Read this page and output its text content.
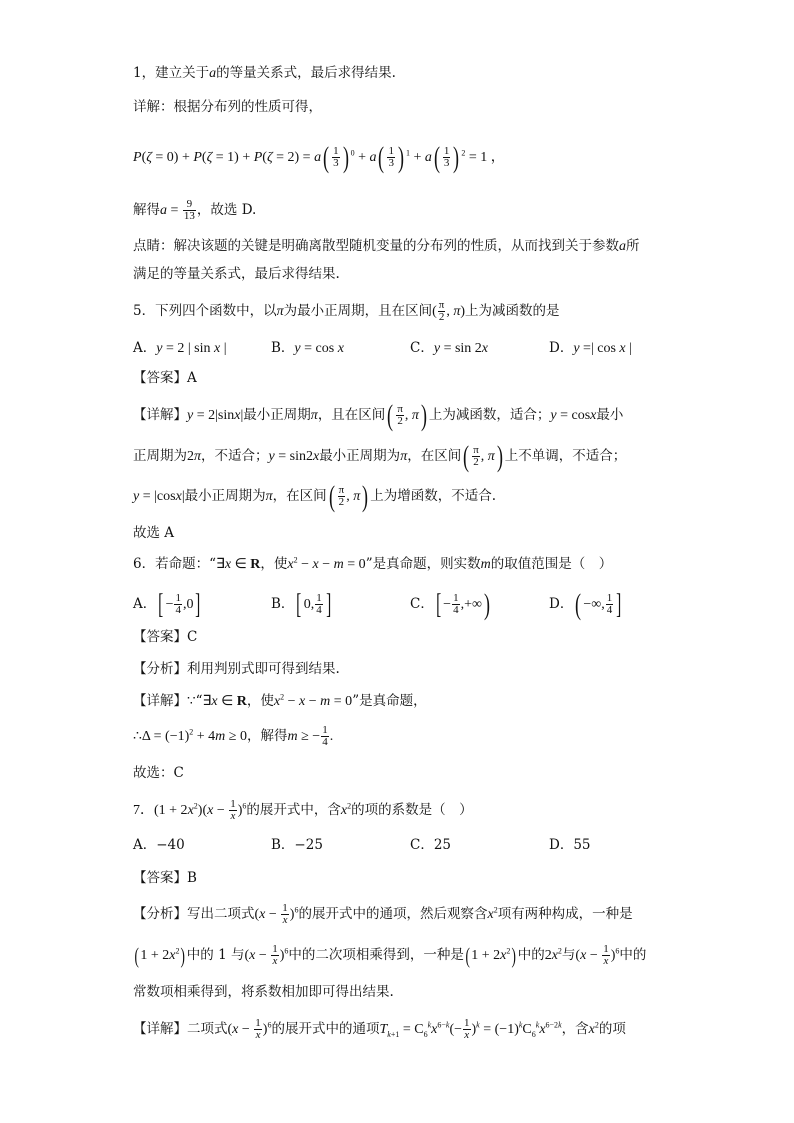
1，建立关于a的等量关系式，最后求得结果.
详解：根据分布列的性质可得，
$P(\zeta = 0) + P(\zeta = 1) + P(\zeta = 2) = a( \frac{1}{3}$ ) $^0 + a( \frac{1}{3}$ ) $^1 + a( \frac{1}{3}$ ) $^2$ = 1 ，
解得$a = \frac{9}{13}$ ，故选 D.
点睛：解决该题的关键是明确离散型随机变量的分布列的性质，从而找到关于参数a所
满足的等量关系式，最后求得结果.
5．下列四个函数中，以π为最小正周期，且在区间( $\frac{\pi}{2}$ , π)上为减函数的是
A．y = 2 | sin x |	B．y = cos x	C．y = sin 2x	D．y =| cos x |
【答案】A
【详解】y = 2|sinx|最小正周期π，且在区间( $\frac{\pi}{2}$ , π) 上为减函数，适合；y = cosx最小
正周期为2π，不适合；y = sin2x最小正周期为π，在区间( $\frac{\pi}{2}$ , π) 上不单调，不适合；
y = |cosx|最小正周期为π，在区间( $\frac{\pi}{2}$ , π) 上为增函数，不适合.
故选 A
6．若命题：“∃x ∈ R，使$x^2 - x - m = 0$”是真命题，则实数m的取值范围是（　）
A．[ − $\frac{1}{4} ,0$]	B．[ 0, $\frac{1}{4}$ ]	C．[ − $\frac{1}{4}$ ,+∞)	D．( −∞, $\frac{1}{4}$ ]
【答案】C
【分析】利用判别式即可得到结果.
【详解】∵“∃x ∈ R，使$x^2 - x - m = 0$”是真命题，
∴Δ = $(-1)^2 + 4m \ge 0$，解得m ≥ − $\frac{1}{4}$ .
故选：C
7．$(1 + 2x^2)(x - \frac{1}{x} )^6$的展开式中，含$x^2$的项的系数是（　）
A．−40	B．−25	C．25	D．55
【答案】B
【分析】写出二项式$(x - \frac{1}{x} )^6$的展开式中的通项，然后观察含$x^2$项有两种构成，一种是
$(1 + 2x^2)$中的 1 与$(x - \frac{1}{x} )^6$中的二次项相乘得到，一种是$(1 + 2x^2)$中的$2x^2$与$(x - \frac{1}{x} )^6$中的
常数项相乘得到，将系数相加即可得出结果.
【详解】二项式$(x - \frac{1}{x} )^6$的展开式中的通项$T_{k+1} = C_6^kx^{6-k}(- \frac{1}{x} )^k = (-1)^kC_6^kx^{6-2k}$，含$x^2$的项
